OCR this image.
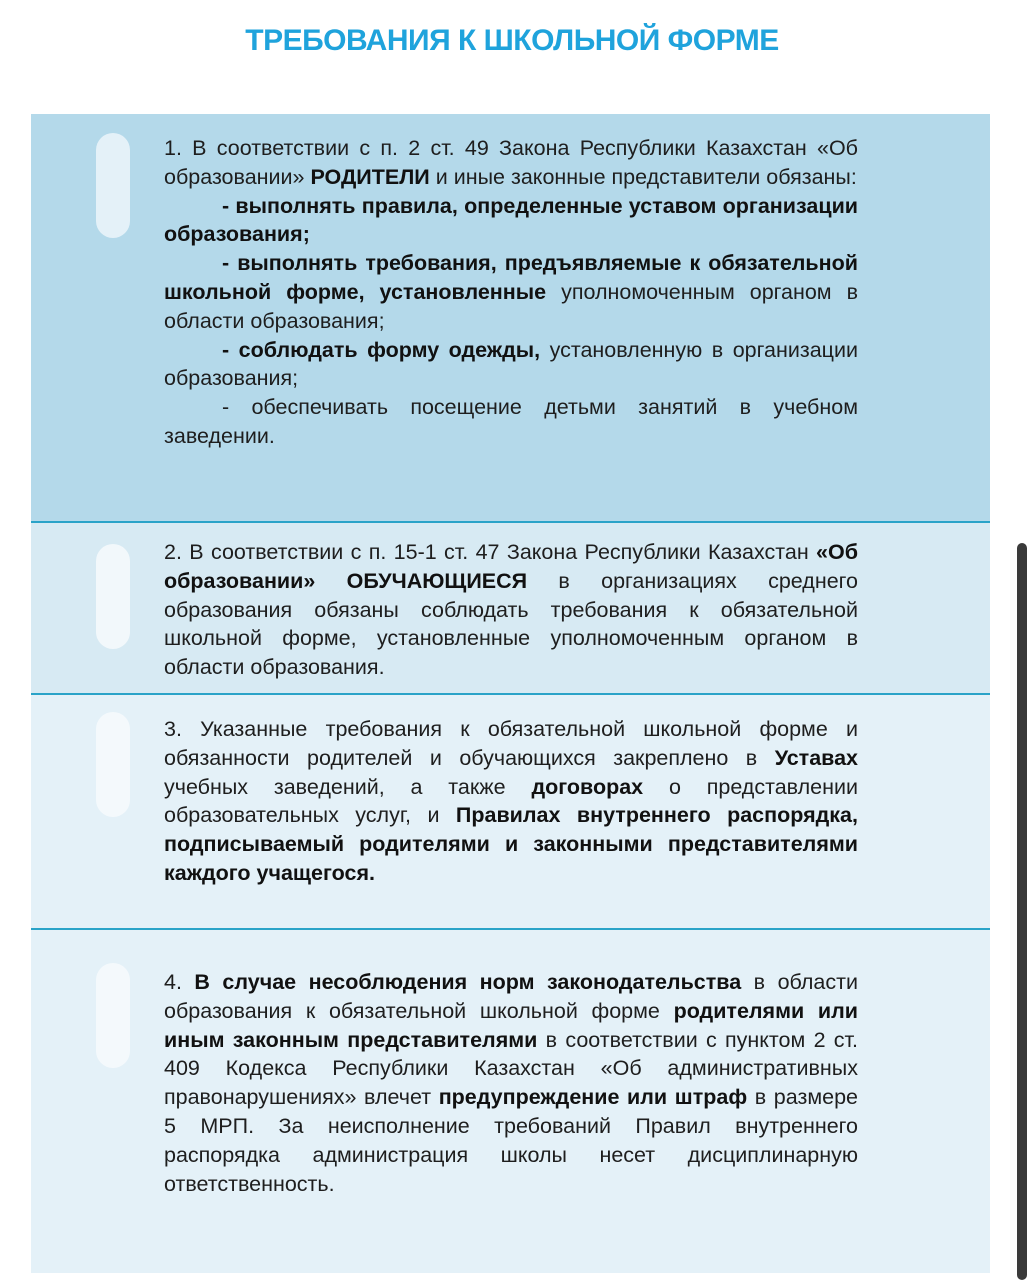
ТРЕБОВАНИЯ К ШКОЛЬНОЙ ФОРМЕ

1. В соответствии с п. 2 ст. 49 Закона Республики Казахстан «Об образовании» РОДИТЕЛИ и иные законные представители обязаны:

- выполнять правила, определенные уставом организации образования;

- выполнять требования, предъявляемые к обязательной школьной форме, установленные уполномоченным органом в области образования;

- соблюдать форму одежды, установленную в организации образования;

- обеспечивать посещение детьми занятий в учебном заведении.

2. В соответствии с п. 15-1 ст. 47 Закона Республики Казахстан «Об образовании» ОБУЧАЮЩИЕСЯ в организациях среднего образования обязаны соблюдать требования к обязательной школьной форме, установленные уполномоченным органом в области образования.

3. Указанные требования к обязательной школьной форме и обязанности родителей и обучающихся закреплено в Уставах учебных заведений, а также договорах о представлении образовательных услуг, и Правилах внутреннего распорядка, подписываемый родителями и законными представителями каждого учащегося.

4. В случае несоблюдения норм законодательства в области образования к обязательной школьной форме родителями или иным законным представителями в соответствии с пунктом 2 ст. 409 Кодекса Республики Казахстан «Об административных правонарушениях» влечет предупреждение или штраф в размере 5 МРП. За неисполнение требований Правил внутреннего распорядка администрация школы несет дисциплинарную ответственность.
